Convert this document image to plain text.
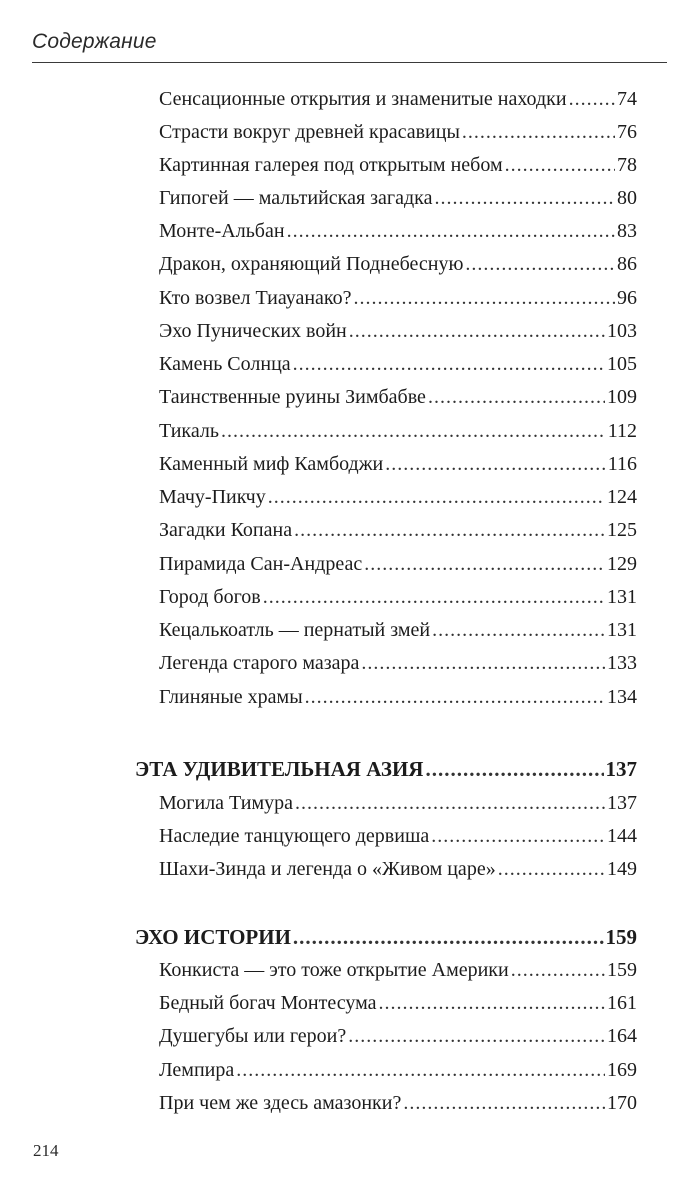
Содержание
Сенсационные открытия и знаменитые находки .....	74
Страсти вокруг древней красавицы .....	76
Картинная галерея под открытым небом .....	78
Гипогей — мальтийская загадка .....	80
Монте-Альбан .....	83
Дракон, охраняющий Поднебесную .....	86
Кто возвел Тиауанако? .....	96
Эхо Пунических войн .....	103
Камень Солнца .....	105
Таинственные руины Зимбабве .....	109
Тикаль .....	112
Каменный миф Камбоджи .....	116
Мачу-Пикчу .....	124
Загадки Копана .....	125
Пирамида Сан-Андреас .....	129
Город богов .....	131
Кецалькоатль — пернатый змей .....	131
Легенда старого мазара .....	133
Глиняные храмы .....	134
ЭТА УДИВИТЕЛЬНАЯ АЗИЯ .....	137
Могила Тимура .....	137
Наследие танцующего дервиша .....	144
Шахи-Зинда и легенда о «Живом царе» .....	149
ЭХО ИСТОРИИ .....	159
Конкиста — это тоже открытие Америки .....	159
Бедный богач Монтесума .....	161
Душегубы или герои? .....	164
Лемпира .....	169
При чем же здесь амазонки? .....	170
214
